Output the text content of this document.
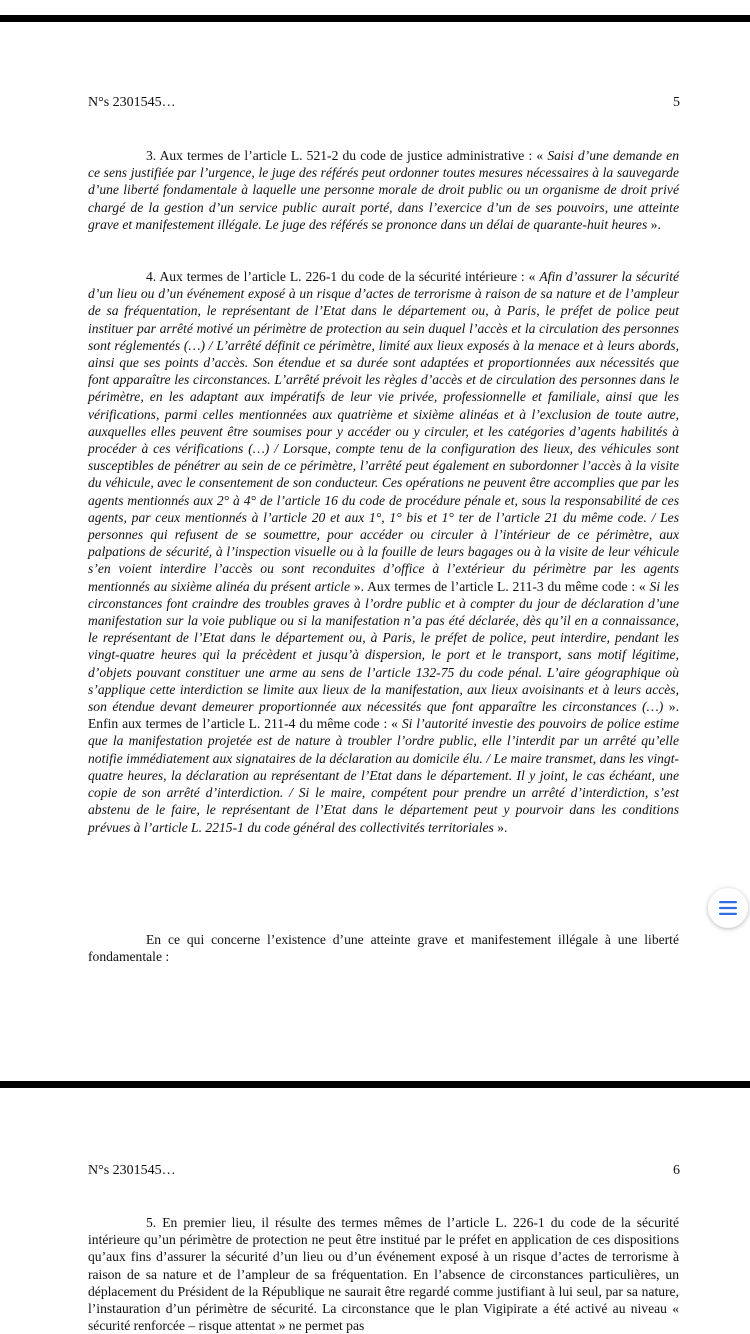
N°s 2301545…	5

3. Aux termes de l’article L. 521-2 du code de justice administrative : « Saisi d’une demande en ce sens justifiée par l’urgence, le juge des référés peut ordonner toutes mesures nécessaires à la sauvegarde d’une liberté fondamentale à laquelle une personne morale de droit public ou un organisme de droit privé chargé de la gestion d’un service public aurait porté, dans l’exercice d’un de ses pouvoirs, une atteinte grave et manifestement illégale. Le juge des référés se prononce dans un délai de quarante-huit heures ».

4. Aux termes de l’article L. 226-1 du code de la sécurité intérieure : « Afin d’assurer la sécurité d’un lieu ou d’un événement exposé à un risque d’actes de terrorisme à raison de sa nature et de l’ampleur de sa fréquentation, le représentant de l’Etat dans le département ou, à Paris, le préfet de police peut instituer par arrêté motivé un périmètre de protection au sein duquel l’accès et la circulation des personnes sont réglementés (…) / L’arrêté définit ce périmètre, limité aux lieux exposés à la menace et à leurs abords, ainsi que ses points d’accès. Son étendue et sa durée sont adaptées et proportionnées aux nécessités que font apparaître les circonstances. L’arrêté prévoit les règles d’accès et de circulation des personnes dans le périmètre, en les adaptant aux impératifs de leur vie privée, professionnelle et familiale, ainsi que les vérifications, parmi celles mentionnées aux quatrième et sixième alinéas et à l’exclusion de toute autre, auxquelles elles peuvent être soumises pour y accéder ou y circuler, et les catégories d’agents habilités à procéder à ces vérifications (…) / Lorsque, compte tenu de la configuration des lieux, des véhicules sont susceptibles de pénétrer au sein de ce périmètre, l’arrêté peut également en subordonner l’accès à la visite du véhicule, avec le consentement de son conducteur. Ces opérations ne peuvent être accomplies que par les agents mentionnés aux 2° à 4° de l’article 16 du code de procédure pénale et, sous la responsabilité de ces agents, par ceux mentionnés à l’article 20 et aux 1°, 1° bis et 1° ter de l’article 21 du même code. / Les personnes qui refusent de se soumettre, pour accéder ou circuler à l’intérieur de ce périmètre, aux palpations de sécurité, à l’inspection visuelle ou à la fouille de leurs bagages ou à la visite de leur véhicule s’en voient interdire l’accès ou sont reconduites d’office à l’extérieur du périmètre par les agents mentionnés au sixième alinéa du présent article ». Aux termes de l’article L. 211-3 du même code : « Si les circonstances font craindre des troubles graves à l’ordre public et à compter du jour de déclaration d’une manifestation sur la voie publique ou si la manifestation n’a pas été déclarée, dès qu’il en a connaissance, le représentant de l’Etat dans le département ou, à Paris, le préfet de police, peut interdire, pendant les vingt-quatre heures qui la précèdent et jusqu’à dispersion, le port et le transport, sans motif légitime, d’objets pouvant constituer une arme au sens de l’article 132-75 du code pénal. L’aire géographique où s’applique cette interdiction se limite aux lieux de la manifestation, aux lieux avoisinants et à leurs accès, son étendue devant demeurer proportionnée aux nécessités que font apparaître les circonstances (…) ». Enfin aux termes de l’article L. 211-4 du même code : « Si l’autorité investie des pouvoirs de police estime que la manifestation projetée est de nature à troubler l’ordre public, elle l’interdit par un arrêté qu’elle notifie immédiatement aux signataires de la déclaration au domicile élu. / Le maire transmet, dans les vingt-quatre heures, la déclaration au représentant de l’Etat dans le département. Il y joint, le cas échéant, une copie de son arrêté d’interdiction. / Si le maire, compétent pour prendre un arrêté d’interdiction, s’est abstenu de le faire, le représentant de l’Etat dans le département peut y pourvoir dans les conditions prévues à l’article L. 2215-1 du code général des collectivités territoriales ».

En ce qui concerne l’existence d’une atteinte grave et manifestement illégale à une liberté fondamentale :

N°s 2301545…	6

5. En premier lieu, il résulte des termes mêmes de l’article L. 226-1 du code de la sécurité intérieure qu’un périmètre de protection ne peut être institué par le préfet en application de ces dispositions qu’aux fins d’assurer la sécurité d’un lieu ou d’un événement exposé à un risque d’actes de terrorisme à raison de sa nature et de l’ampleur de sa fréquentation. En l’absence de circonstances particulières, un déplacement du Président de la République ne saurait être regardé comme justifiant à lui seul, par sa nature, l’instauration d’un périmètre de sécurité. La circonstance que le plan Vigipirate a été activé au niveau « sécurité renforcée – risque attentat » ne permet pas
